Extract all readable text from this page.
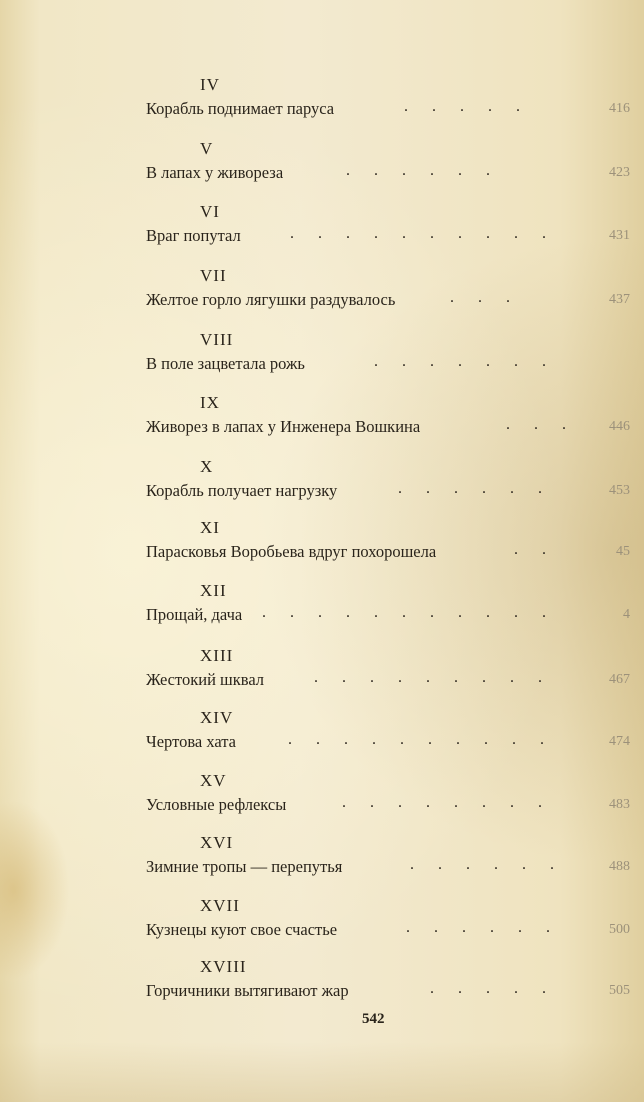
IV
Корабль поднимает паруса	. . . . .	416
V
В лапах у живореза	. . . . . .	423
VI
Враг попутал	. . . . . . . . . .	431
VII
Желтое горло лягушки раздувалось	. . .	437
VIII
В поле зацветала рожь	. . . . . . .
IX
Живорез в лапах у Инженера Вошкина	. . . 446
X
Корабль получает нагрузку	. . . . . .	453
XI
Парасковья Воробьева вдруг похорошела	. .	45
XII
Прощай, дача . . . . . . . . . . .	4
XIII
Жестокий шквал	. . . . . . . . .	467
XIV
Чертова хата	. . . . . . . . . .	474
XV
Условные рефлексы	. . . . . . . .	483
XVI
Зимние тропы — перепутья	. . . . . .	488
XVII
Кузнецы куют свое счастье	. . . . . .	500
XVIII
Горчичники вытягивают жар	. . . . .	505
542
